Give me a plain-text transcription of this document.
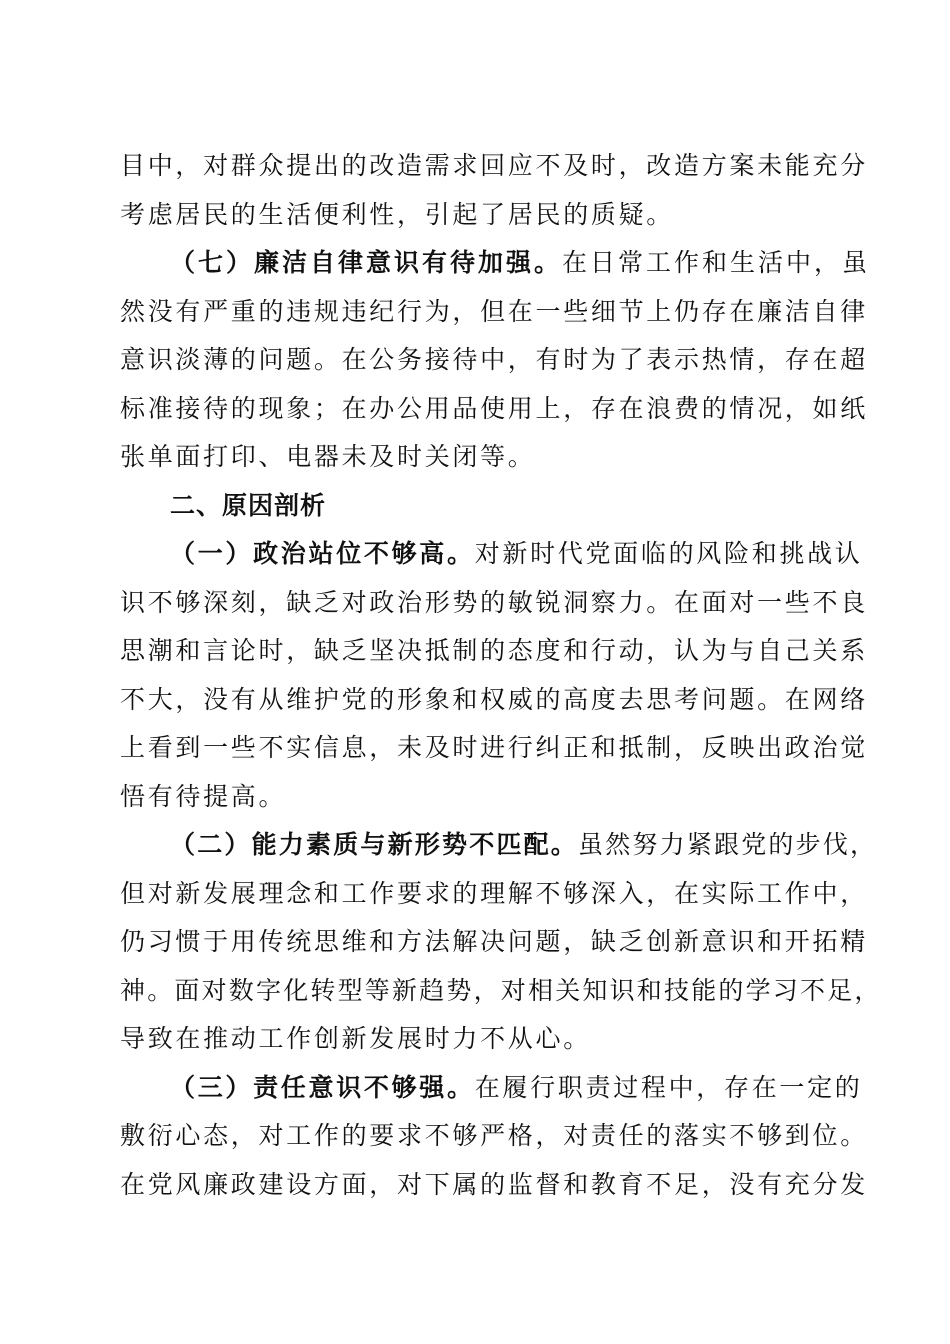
目中，对群众提出的改造需求回应不及时，改造方案未能充分
考虑居民的生活便利性，引起了居民的质疑。
（七）廉洁自律意识有待加强。在日常工作和生活中，虽
然没有严重的违规违纪行为，但在一些细节上仍存在廉洁自律
意识淡薄的问题。在公务接待中，有时为了表示热情，存在超
标准接待的现象；在办公用品使用上，存在浪费的情况，如纸
张单面打印、电器未及时关闭等。
二、原因剖析
（一）政治站位不够高。对新时代党面临的风险和挑战认
识不够深刻，缺乏对政治形势的敏锐洞察力。在面对一些不良
思潮和言论时，缺乏坚决抵制的态度和行动，认为与自己关系
不大，没有从维护党的形象和权威的高度去思考问题。在网络
上看到一些不实信息，未及时进行纠正和抵制，反映出政治觉
悟有待提高。
（二）能力素质与新形势不匹配。虽然努力紧跟党的步伐，
但对新发展理念和工作要求的理解不够深入，在实际工作中，
仍习惯于用传统思维和方法解决问题，缺乏创新意识和开拓精
神。面对数字化转型等新趋势，对相关知识和技能的学习不足，
导致在推动工作创新发展时力不从心。
（三）责任意识不够强。在履行职责过程中，存在一定的
敷衍心态，对工作的要求不够严格，对责任的落实不够到位。
在党风廉政建设方面，对下属的监督和教育不足，没有充分发
